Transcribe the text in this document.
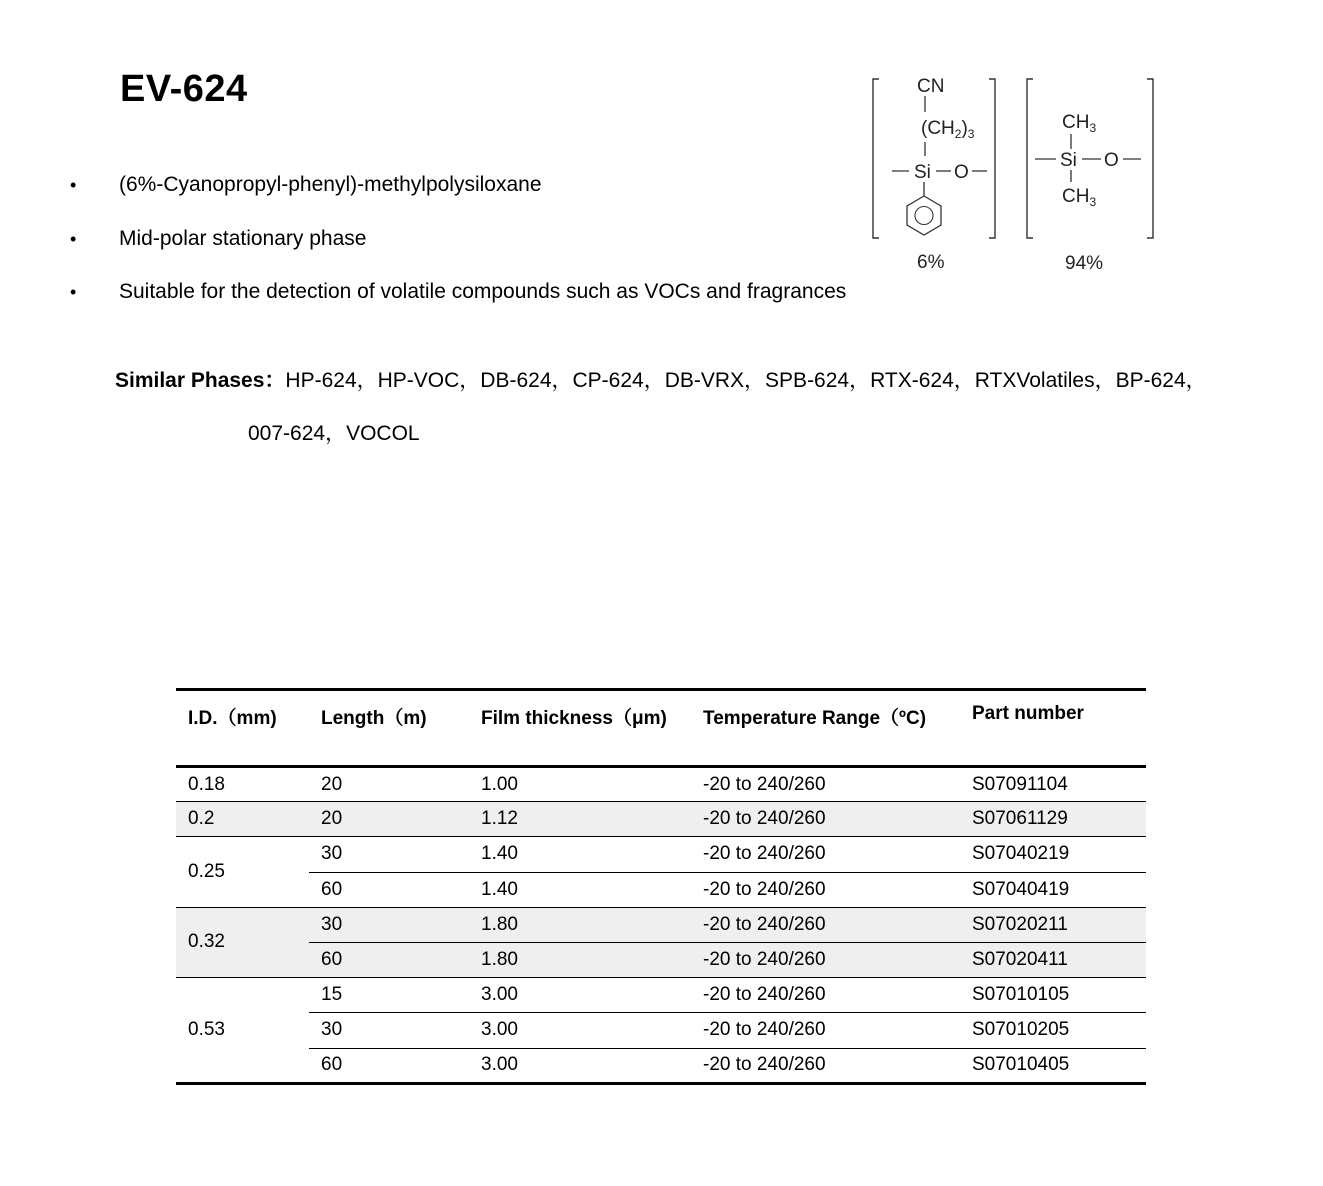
EV-624
• (6%-Cyanopropyl-phenyl)-methylpolysiloxane
• Mid-polar stationary phase
• Suitable for the detection of volatile compounds such as VOCs and fragrances
CN
$(CH_2)_3$
Si O
6%
$CH_3$
Si O
$CH_3$
94%
Similar Phases：HP-624，HP-VOC，DB-624，CP-624，DB-VRX，SPB-624，RTX-624，RTXVolatiles，BP-624，
007-624，VOCOL
I.D.（mm)	Length（m)	Film thickness（μm)	Temperature Range（ºC)	Part number
0.18	20	1.00	-20 to 240/260	S07091104
0.2	20	1.12	-20 to 240/260	S07061129
0.25	30	1.40	-20 to 240/260	S07040219
	60	1.40	-20 to 240/260	S07040419
0.32	30	1.80	-20 to 240/260	S07020211
	60	1.80	-20 to 240/260	S07020411
0.53	15	3.00	-20 to 240/260	S07010105
	30	3.00	-20 to 240/260	S07010205
	60	3.00	-20 to 240/260	S07010405
